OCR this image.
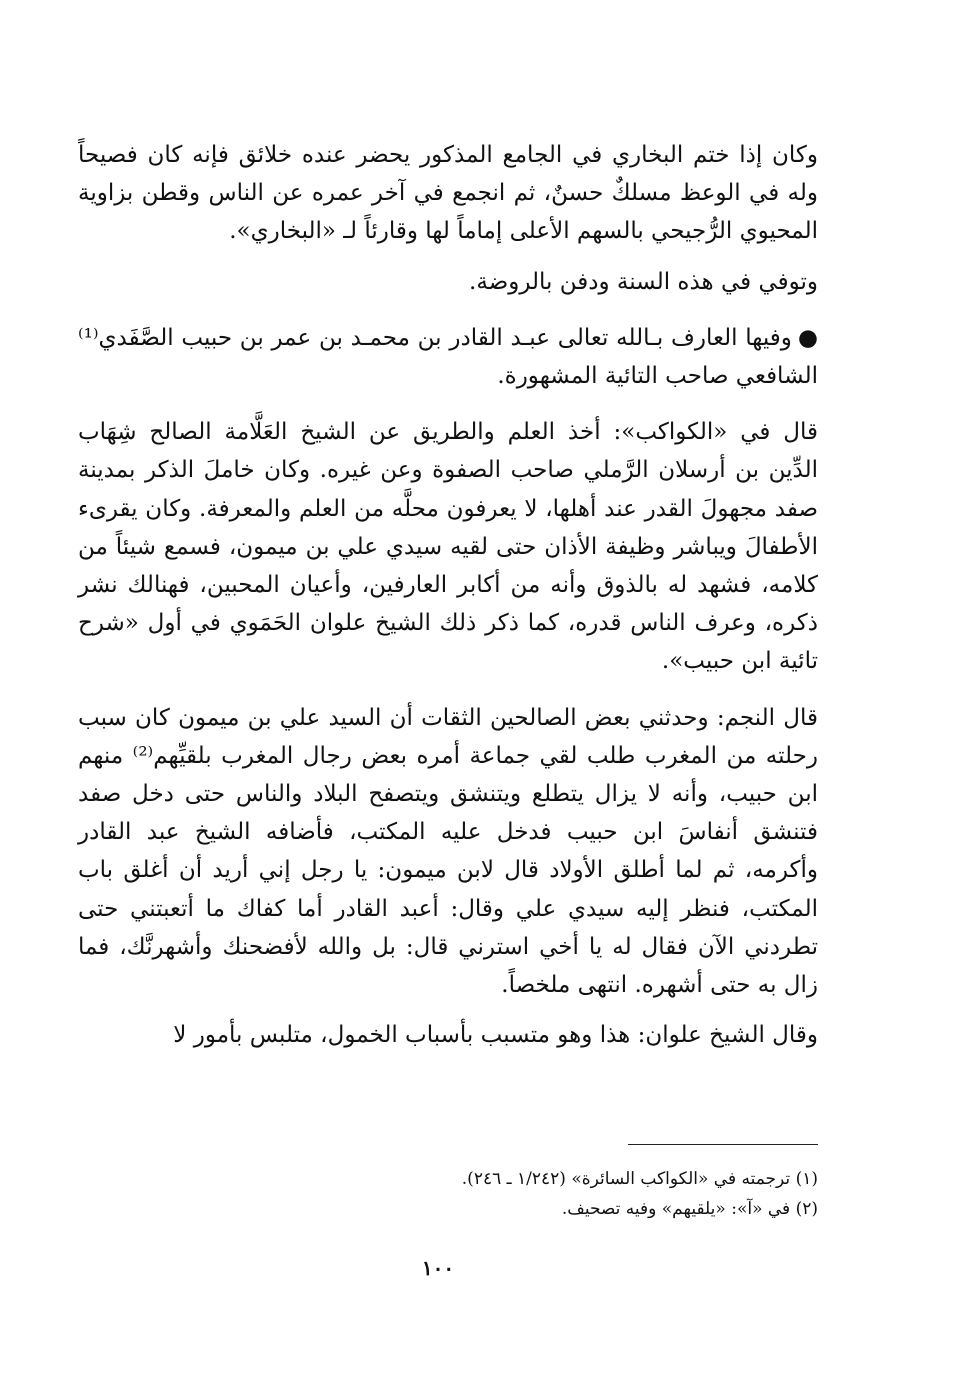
وكان إذا ختم البخاري في الجامع المذكور يحضر عنده خلائق فإنه كان فصيحاً وله في الوعظ مسلكٌ حسنٌ، ثم انجمع في آخر عمره عن الناس وقطن بزاوية المحيوي الرُّجيحي بالسهم الأعلى إماماً لها وقارئاً لـ «البخاري».

وتوفي في هذه السنة ودفن بالروضة.

●وفيها العارف بـالله تعالى عبـد القادر بن محمـد بن عمر بن حبيب الصَّفَدي⁽¹⁾ الشافعي صاحب التائية المشهورة.

قال في «الكواكب»: أخذ العلم والطريق عن الشيخ العَلَّامة الصالح شِهَاب الدِّين بن أرسلان الرَّملي صاحب الصفوة وعن غيره. وكان خاملَ الذكر بمدينة صفد مجهولَ القدر عند أهلها، لا يعرفون محلَّه من العلم والمعرفة. وكان يقرىء الأطفالَ ويباشر وظيفة الأذان حتى لقيه سيدي علي بن ميمون، فسمع شيئاً من كلامه، فشهد له بالذوق وأنه من أكابر العارفين، وأعيان المحبين، فهنالك نشر ذكره، وعرف الناس قدره، كما ذكر ذلك الشيخ علوان الحَمَوي في أول «شرح تائية ابن حبيب».

قال النجم: وحدثني بعض الصالحين الثقات أن السيد علي بن ميمون كان سبب رحلته من المغرب طلب لقي جماعة أمره بعض رجال المغرب بلقيِّهم⁽²⁾ منهم ابن حبيب، وأنه لا يزال يتطلع ويتنشق ويتصفح البلاد والناس حتى دخل صفد فتنشق أنفاسَ ابن حبيب فدخل عليه المكتب، فأضافه الشيخ عبد القادر وأكرمه، ثم لما أطلق الأولاد قال لابن ميمون: يا رجل إني أريد أن أغلق باب المكتب، فنظر إليه سيدي علي وقال: أعبد القادر أما كفاك ما أتعبتني حتى تطردني الآن فقال له يا أخي استرني قال: بل والله لأفضحنك وأشهرنَّك، فما زال به حتى أشهره. انتهى ملخصاً.

وقال الشيخ علوان: هذا وهو متسبب بأسباب الخمول، متلبس بأمور لا

(١) ترجمته في «الكواكب السائرة» (١/٢٤٢ ـ ٢٤٦).

(٢) في «آ»: «يلقيهم» وفيه تصحيف.

١٠٠
